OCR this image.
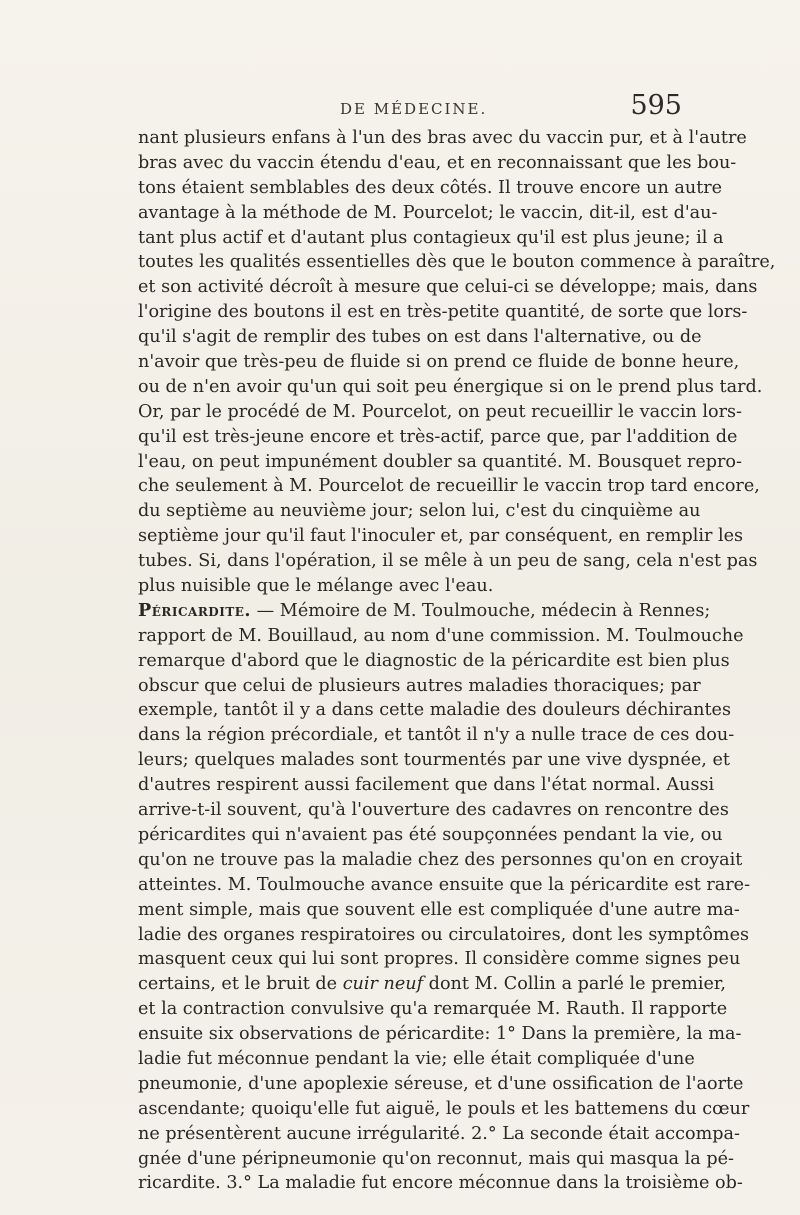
DE MÉDECINE.	595
nant plusieurs enfans à l'un des bras avec du vaccin pur, et à l'autre
bras avec du vaccin étendu d'eau, et en reconnaissant que les bou-
tons étaient semblables des deux côtés. Il trouve encore un autre
avantage à la méthode de M. Pourcelot; le vaccin, dit-il, est d'au-
tant plus actif et d'autant plus contagieux qu'il est plus jeune; il a
toutes les qualités essentielles dès que le bouton commence à paraître,
et son activité décroît à mesure que celui-ci se développe; mais, dans
l'origine des boutons il est en très-petite quantité, de sorte que lors-
qu'il s'agit de remplir des tubes on est dans l'alternative, ou de
n'avoir que très-peu de fluide si on prend ce fluide de bonne heure,
ou de n'en avoir qu'un qui soit peu énergique si on le prend plus tard.
Or, par le procédé de M. Pourcelot, on peut recueillir le vaccin lors-
qu'il est très-jeune encore et très-actif, parce que, par l'addition de
l'eau, on peut impunément doubler sa quantité. M. Bousquet repro-
che seulement à M. Pourcelot de recueillir le vaccin trop tard encore,
du septième au neuvième jour; selon lui, c'est du cinquième au
septième jour qu'il faut l'inoculer et, par conséquent, en remplir les
tubes. Si, dans l'opération, il se mêle à un peu de sang, cela n'est pas
plus nuisible que le mélange avec l'eau.
Péricardite. — Mémoire de M. Toulmouche, médecin à Rennes;
rapport de M. Bouillaud, au nom d'une commission. M. Toulmouche
remarque d'abord que le diagnostic de la péricardite est bien plus
obscur que celui de plusieurs autres maladies thoraciques; par
exemple, tantôt il y a dans cette maladie des douleurs déchirantes
dans la région précordiale, et tantôt il n'y a nulle trace de ces dou-
leurs; quelques malades sont tourmentés par une vive dyspnée, et
d'autres respirent aussi facilement que dans l'état normal. Aussi
arrive-t-il souvent, qu'à l'ouverture des cadavres on rencontre des
péricardites qui n'avaient pas été soupçonnées pendant la vie, ou
qu'on ne trouve pas la maladie chez des personnes qu'on en croyait
atteintes. M. Toulmouche avance ensuite que la péricardite est rare-
ment simple, mais que souvent elle est compliquée d'une autre ma-
ladie des organes respiratoires ou circulatoires, dont les symptômes
masquent ceux qui lui sont propres. Il considère comme signes peu
certains, et le bruit de cuir neuf dont M. Collin a parlé le premier,
et la contraction convulsive qu'a remarquée M. Rauth. Il rapporte
ensuite six observations de péricardite: 1° Dans la première, la ma-
ladie fut méconnue pendant la vie; elle était compliquée d'une
pneumonie, d'une apoplexie séreuse, et d'une ossification de l'aorte
ascendante; quoiqu'elle fut aiguë, le pouls et les battemens du cœur
ne présentèrent aucune irrégularité. 2.° La seconde était accompa-
gnée d'une péripneumonie qu'on reconnut, mais qui masqua la pé-
ricardite. 3.° La maladie fut encore méconnue dans la troisième ob-
